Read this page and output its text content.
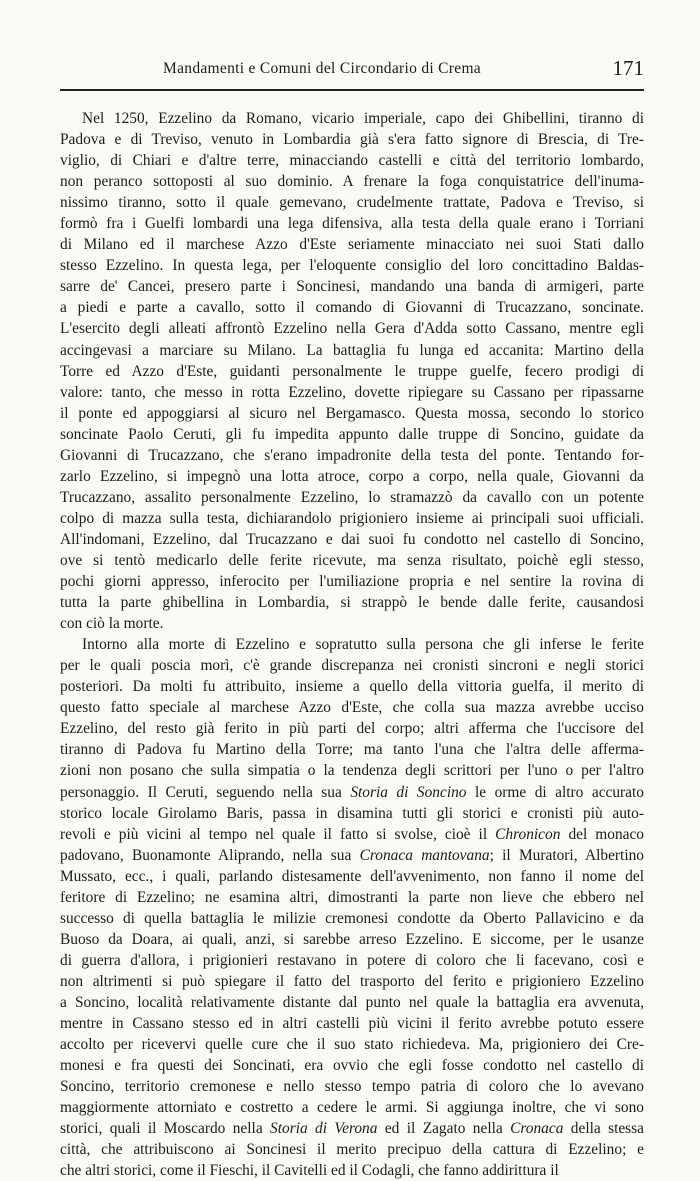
Mandamenti e Comuni del Circondario di Crema	171
Nel 1250, Ezzelino da Romano, vicario imperiale, capo dei Ghibellini, tiranno di
Padova e di Treviso, venuto in Lombardia già s'era fatto signore di Brescia, di Tre-
viglio, di Chiari e d'altre terre, minacciando castelli e città del territorio lombardo,
non peranco sottoposti al suo dominio. A frenare la foga conquistatrice dell'inuma-
nissimo tiranno, sotto il quale gemevano, crudelmente trattate, Padova e Treviso, si
formò fra i Guelfi lombardi una lega difensiva, alla testa della quale erano i Torriani
di Milano ed il marchese Azzo d'Este seriamente minacciato nei suoi Stati dallo
stesso Ezzelino. In questa lega, per l'eloquente consiglio del loro concittadino Baldas-
sarre de' Cancei, presero parte i Soncinesi, mandando una banda di armigeri, parte
a piedi e parte a cavallo, sotto il comando di Giovanni di Trucazzano, soncinate.
L'esercito degli alleati affrontò Ezzelino nella Gera d'Adda sotto Cassano, mentre egli
accingevasi a marciare su Milano. La battaglia fu lunga ed accanita: Martino della
Torre ed Azzo d'Este, guidanti personalmente le truppe guelfe, fecero prodigi di
valore: tanto, che messo in rotta Ezzelino, dovette ripiegare su Cassano per ripassarne
il ponte ed appoggiarsi al sicuro nel Bergamasco. Questa mossa, secondo lo storico
soncinate Paolo Ceruti, gli fu impedita appunto dalle truppe di Soncino, guidate da
Giovanni di Trucazzano, che s'erano impadronite della testa del ponte. Tentando for-
zarlo Ezzelino, si impegnò una lotta atroce, corpo a corpo, nella quale, Giovanni da
Trucazzano, assalito personalmente Ezzelino, lo stramazzò da cavallo con un potente
colpo di mazza sulla testa, dichiarandolo prigioniero insieme ai principali suoi ufficiali.
All'indomani, Ezzelino, dal Trucazzano e dai suoi fu condotto nel castello di Soncino,
ove si tentò medicarlo delle ferite ricevute, ma senza risultato, poichè egli stesso,
pochi giorni appresso, inferocito per l'umiliazione propria e nel sentire la rovina di
tutta la parte ghibellina in Lombardia, si strappò le bende dalle ferite, causandosi
con ciò la morte.
Intorno alla morte di Ezzelino e sopratutto sulla persona che gli inferse le ferite
per le quali poscia morì, c'è grande discrepanza nei cronisti sincroni e negli storici
posteriori. Da molti fu attribuito, insieme a quello della vittoria guelfa, il merito di
questo fatto speciale al marchese Azzo d'Este, che colla sua mazza avrebbe ucciso
Ezzelino, del resto già ferito in più parti del corpo; altri afferma che l'uccisore del
tiranno di Padova fu Martino della Torre; ma tanto l'una che l'altra delle afferma-
zioni non posano che sulla simpatia o la tendenza degli scrittori per l'uno o per l'altro
personaggio. Il Ceruti, seguendo nella sua Storia di Soncino le orme di altro accurato
storico locale Girolamo Baris, passa in disamina tutti gli storici e cronisti più auto-
revoli e più vicini al tempo nel quale il fatto si svolse, cioè il Chronicon del monaco
padovano, Buonamonte Aliprando, nella sua Cronaca mantovana; il Muratori, Albertino
Mussato, ecc., i quali, parlando distesamente dell'avvenimento, non fanno il nome del
feritore di Ezzelino; ne esamina altri, dimostranti la parte non lieve che ebbero nel
successo di quella battaglia le milizie cremonesi condotte da Oberto Pallavicino e da
Buoso da Doara, ai quali, anzi, si sarebbe arreso Ezzelino. E siccome, per le usanze
di guerra d'allora, i prigionieri restavano in potere di coloro che li facevano, così e
non altrimenti si può spiegare il fatto del trasporto del ferito e prigioniero Ezzelino
a Soncino, località relativamente distante dal punto nel quale la battaglia era avvenuta,
mentre in Cassano stesso ed in altri castelli più vicini il ferito avrebbe potuto essere
accolto per ricevervi quelle cure che il suo stato richiedeva. Ma, prigioniero dei Cre-
monesi e fra questi dei Soncinati, era ovvio che egli fosse condotto nel castello di
Soncino, territorio cremonese e nello stesso tempo patria di coloro che lo avevano
maggiormente attorniato e costretto a cedere le armi. Si aggiunga inoltre, che vi sono
storici, quali il Moscardo nella Storia di Verona ed il Zagato nella Cronaca della stessa
città, che attribuiscono ai Soncinesi il merito precipuo della cattura di Ezzelino; e
che altri storici, come il Fieschi, il Cavitelli ed il Codagli, che fanno addirittura il
